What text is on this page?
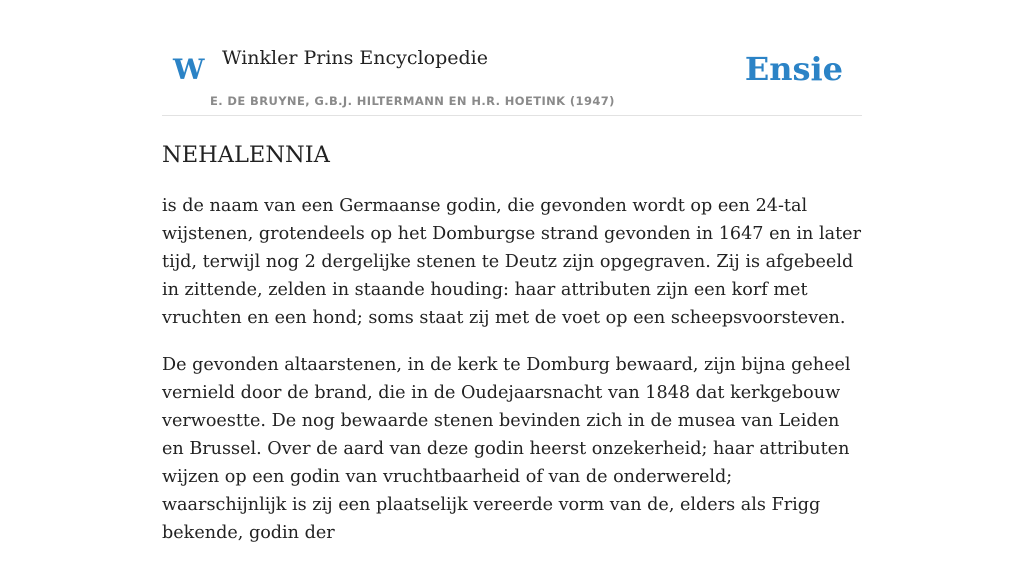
W Winkler Prins Encyclopedie
E. DE BRUYNE, G.B.J. HILTERMANN EN H.R. HOETINK (1947)
Ensie
NEHALENNIA

is de naam van een Germaanse godin, die gevonden wordt op een 24-tal wijstenen, grotendeels op het Domburgse strand gevonden in 1647 en in later tijd, terwijl nog 2 dergelijke stenen te Deutz zijn opgegraven. Zij is afgebeeld in zittende, zelden in staande houding: haar attributen zijn een korf met vruchten en een hond; soms staat zij met de voet op een scheepsvoorsteven.

De gevonden altaarstenen, in de kerk te Domburg bewaard, zijn bijna geheel vernield door de brand, die in de Oudejaarsnacht van 1848 dat kerkgebouw verwoestte. De nog bewaarde stenen bevinden zich in de musea van Leiden en Brussel. Over de aard van deze godin heerst onzekerheid; haar attributen wijzen op een godin van vruchtbaarheid of van de onderwereld; waarschijnlijk is zij een plaatselijk vereerde vorm van de, elders als Frigg bekende, godin der
